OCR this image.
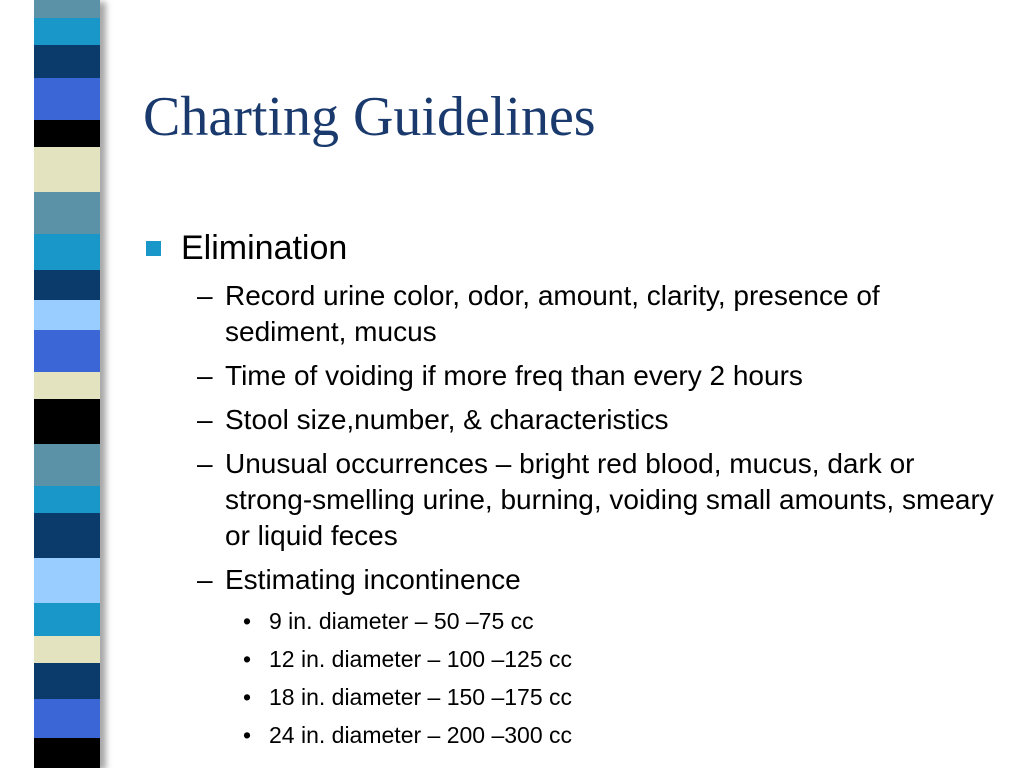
Charting Guidelines
Elimination
– Record urine color, odor, amount, clarity, presence of sediment, mucus
– Time of voiding if more freq than every 2 hours
– Stool size,number, & characteristics
– Unusual occurrences – bright red blood, mucus, dark or strong-smelling urine, burning, voiding small amounts, smeary or liquid feces
– Estimating incontinence
• 9 in. diameter – 50 –75 cc
• 12 in. diameter – 100 –125 cc
• 18 in. diameter – 150 –175 cc
• 24 in. diameter – 200 –300 cc
